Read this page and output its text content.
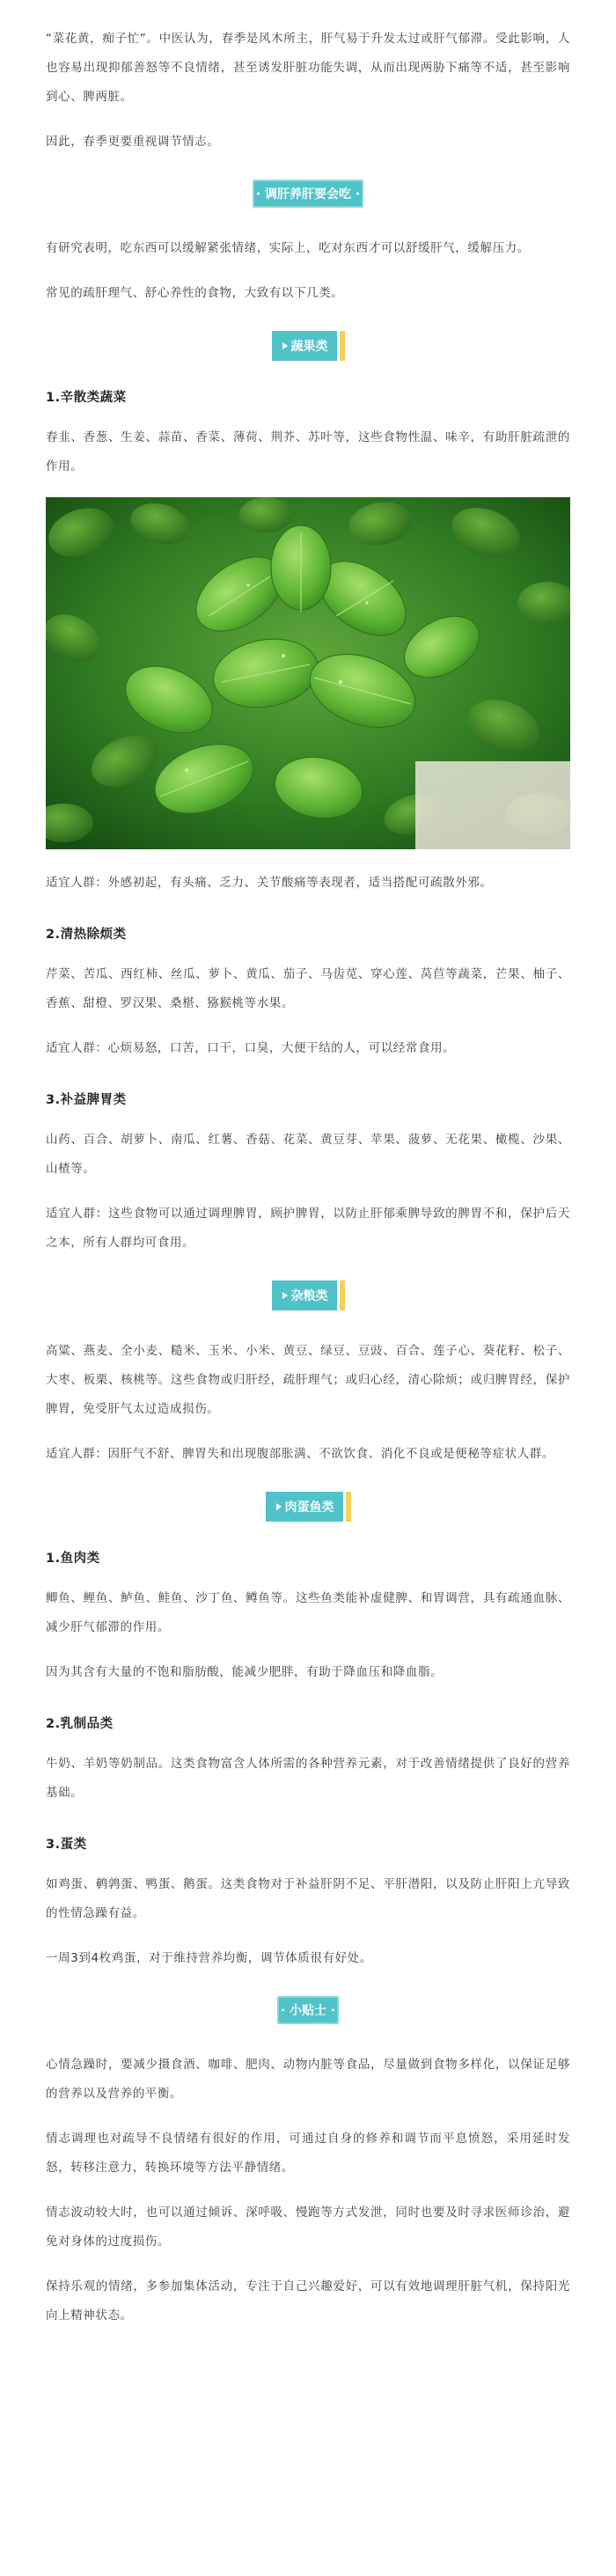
“菜花黄，痴子忙”。中医认为，春季是风木所主，肝气易于升发太过或肝气郁滞。受此影响，人也容易出现抑郁善怒等不良情绪，甚至诱发肝脏功能失调，从而出现两胁下痛等不适，甚至影响到心、脾两脏。

因此，春季更要重视调节情志。

调肝养肝要会吃

有研究表明，吃东西可以缓解紧张情绪，实际上，吃对东西才可以舒缓肝气，缓解压力。

常见的疏肝理气、舒心养性的食物，大致有以下几类。

蔬果类
1.辛散类蔬菜

春韭、香葱、生姜、蒜苗、香菜、薄荷、荆芥、苏叶等，这些食物性温、味辛，有助肝脏疏泄的作用。

适宜人群：外感初起，有头痛、乏力、关节酸痛等表现者，适当搭配可疏散外邪。

2.清热除烦类

芹菜、苦瓜、西红柿、丝瓜、萝卜、黄瓜、茄子、马齿苋、穿心莲、莴苣等蔬菜，芒果、柚子、香蕉、甜橙、罗汉果、桑椹、猕猴桃等水果。

适宜人群：心烦易怒，口苦，口干，口臭，大便干结的人，可以经常食用。

3.补益脾胃类

山药、百合、胡萝卜、南瓜、红薯、香菇、花菜、黄豆芽、苹果、菠萝、无花果、橄榄、沙果、山楂等。

适宜人群：这些食物可以通过调理脾胃，顾护脾胃，以防止肝郁乘脾导致的脾胃不和，保护后天之本，所有人群均可食用。

杂粮类

高粱、燕麦、全小麦、糙米、玉米、小米、黄豆、绿豆、豆豉、百合、莲子心、葵花籽、松子、大枣、板栗、核桃等。这些食物或归肝经，疏肝理气；或归心经，清心除烦；或归脾胃经，保护脾胃，免受肝气太过造成损伤。

适宜人群：因肝气不舒、脾胃失和出现腹部胀满、不欲饮食、消化不良或是便秘等症状人群。

肉蛋鱼类
1.鱼肉类

鲫鱼、鲤鱼、鲈鱼、鲑鱼、沙丁鱼、鳟鱼等。这些鱼类能补虚健脾、和胃调营，具有疏通血脉、减少肝气郁滞的作用。

因为其含有大量的不饱和脂肪酸，能减少肥胖，有助于降血压和降血脂。

2.乳制品类

牛奶、羊奶等奶制品。这类食物富含人体所需的各种营养元素，对于改善情绪提供了良好的营养基础。

3.蛋类

如鸡蛋、鹌鹑蛋、鸭蛋、鹅蛋。这类食物对于补益肝阴不足、平肝潜阳，以及防止肝阳上亢导致的性情急躁有益。

一周3到4枚鸡蛋，对于维持营养均衡，调节体质很有好处。

小贴士

心情急躁时，要减少摄食酒、咖啡、肥肉、动物内脏等食品，尽量做到食物多样化，以保证足够的营养以及营养的平衡。

情志调理也对疏导不良情绪有很好的作用，可通过自身的修养和调节而平息愤怒，采用延时发怒，转移注意力，转换环境等方法平静情绪。

情志波动较大时，也可以通过倾诉、深呼吸、慢跑等方式发泄，同时也要及时寻求医师诊治，避免对身体的过度损伤。

保持乐观的情绪，多参加集体活动，专注于自己兴趣爱好，可以有效地调理肝脏气机，保持阳光向上精神状态。
